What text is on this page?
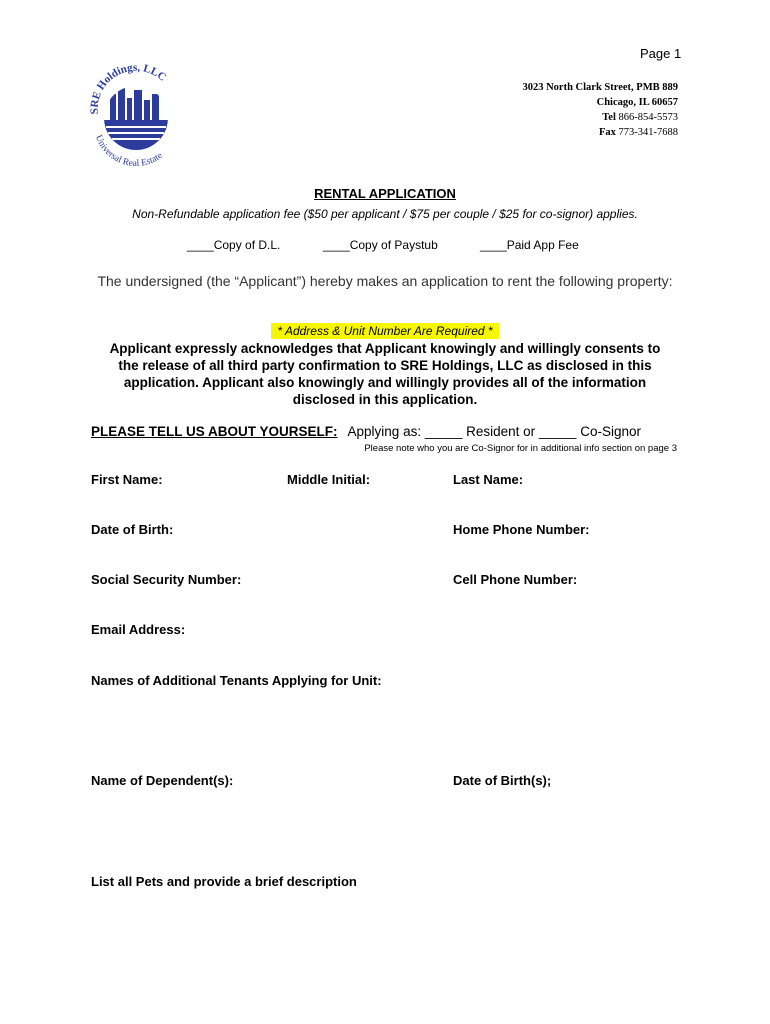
Page 1
SRE Holdings, LLC
Universal Real Estate
3023 North Clark Street, PMB 889
Chicago, IL 60657
Tel 866-854-5573
Fax 773-341-7688
RENTAL APPLICATION
Non-Refundable application fee ($50 per applicant / $75 per couple / $25 for co-signor) applies.
____Copy of D.L.	____Copy of Paystub	____Paid App Fee
The undersigned (the “Applicant”) hereby makes an application to rent the following property:
* Address & Unit Number Are Required *
Applicant expressly acknowledges that Applicant knowingly and willingly consents to the release of all third party confirmation to SRE Holdings, LLC as disclosed in this application. Applicant also knowingly and willingly provides all of the information disclosed in this application.
PLEASE TELL US ABOUT YOURSELF: Applying as: _____ Resident or _____ Co-Signor
Please note who you are Co-Signor for in additional info section on page 3
First Name:	Middle Initial:	Last Name:
Date of Birth:	Home Phone Number:
Social Security Number:	Cell Phone Number:
Email Address:
Names of Additional Tenants Applying for Unit:
Name of Dependent(s):	Date of Birth(s);
List all Pets and provide a brief description
